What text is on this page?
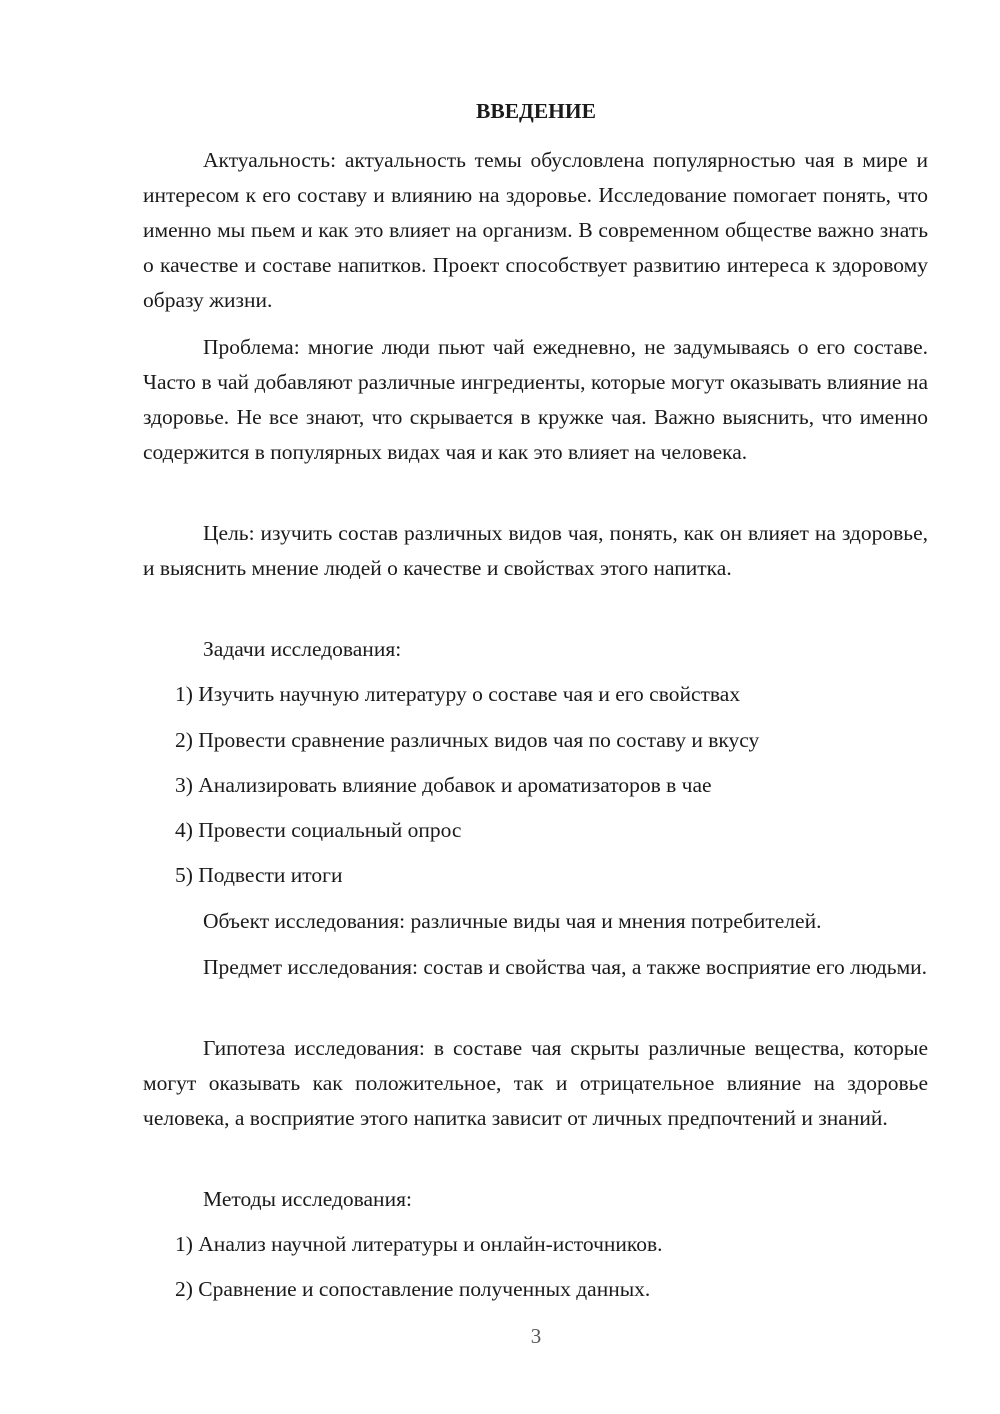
ВВЕДЕНИЕ

Актуальность: актуальность темы обусловлена популярностью чая в мире и интересом к его составу и влиянию на здоровье. Исследование помогает понять, что именно мы пьем и как это влияет на организм. В современном обществе важно знать о качестве и составе напитков. Проект способствует развитию интереса к здоровому образу жизни.

Проблема: многие люди пьют чай ежедневно, не задумываясь о его составе. Часто в чай добавляют различные ингредиенты, которые могут оказывать влияние на здоровье. Не все знают, что скрывается в кружке чая. Важно выяснить, что именно содержится в популярных видах чая и как это влияет на человека.

Цель: изучить состав различных видов чая, понять, как он влияет на здоровье, и выяснить мнение людей о качестве и свойствах этого напитка.

Задачи исследования:

1) Изучить научную литературу о составе чая и его свойствах

2) Провести сравнение различных видов чая по составу и вкусу

3) Анализировать влияние добавок и ароматизаторов в чае

4) Провести социальный опрос

5) Подвести итоги

Объект исследования: различные виды чая и мнения потребителей.

Предмет исследования: состав и свойства чая, а также восприятие его людьми.

Гипотеза исследования: в составе чая скрыты различные вещества, которые могут оказывать как положительное, так и отрицательное влияние на здоровье человека, а восприятие этого напитка зависит от личных предпочтений и знаний.

Методы исследования:

1) Анализ научной литературы и онлайн-источников.

2) Сравнение и сопоставление полученных данных.

3
